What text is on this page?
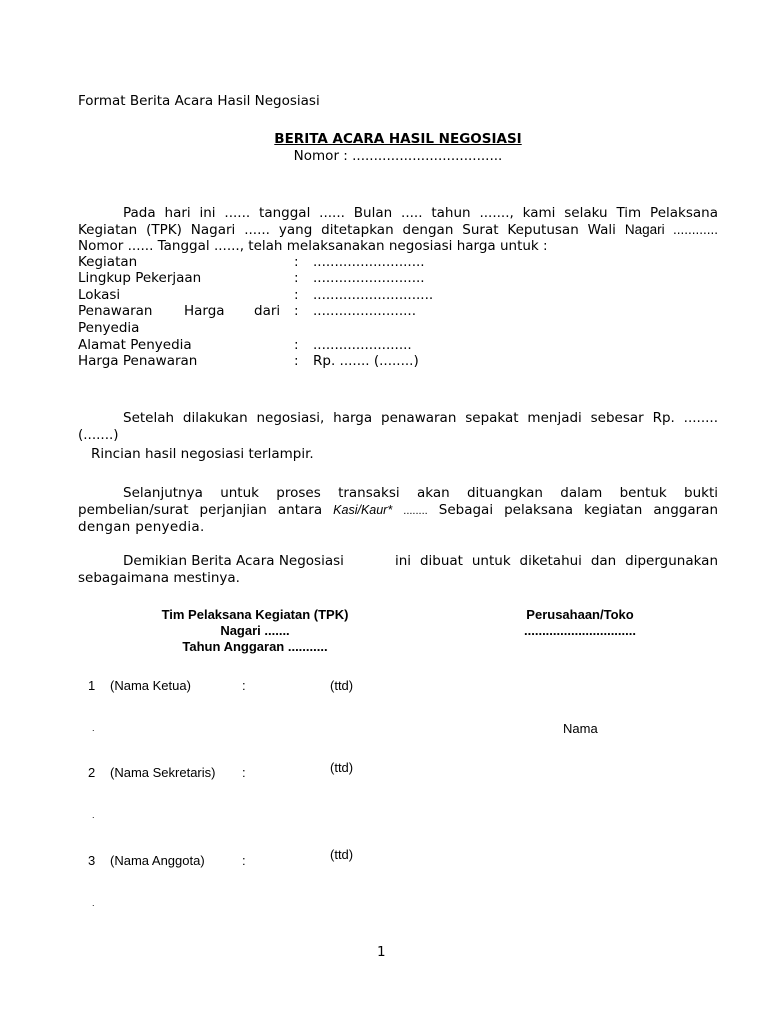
Format Berita Acara Hasil Negosiasi
BERITA ACARA HASIL NEGOSIASI
Nomor : ...................................
Pada hari ini ...... tanggal ...... Bulan ..... tahun ......., kami selaku Tim Pelaksana
Kegiatan (TPK) Nagari ...... yang ditetapkan dengan Surat Keputusan Wali Nagari ............
Nomor ...... Tanggal ......, telah melaksanakan negosiasi harga untuk :
Kegiatan	: ..........................
Lingkup Pekerjaan	: ..........................
Lokasi	: ............................
Penawaran Harga dari : ........................
Penyedia
Alamat Penyedia	: .......................
Harga Penawaran	: Rp. ....... (........)
Setelah dilakukan negosiasi, harga penawaran sepakat menjadi sebesar Rp. ........
(.......)
Rincian hasil negosiasi terlampir.
Selanjutnya untuk proses transaksi akan dituangkan dalam bentuk bukti
pembelian/surat perjanjian antara Kasi/Kaur* ........ Sebagai pelaksana kegiatan anggaran
dengan penyedia.
Demikian Berita Acara Negosiasi	ini dibuat untuk diketahui dan dipergunakan
sebagaimana mestinya.
Tim Pelaksana Kegiatan (TPK)
Nagari .......
Tahun Anggaran ...........
Perusahaan/Toko
...............................
1 (Nama Ketua)	:	(ttd)
.	Nama
2 (Nama Sekretaris) :	(ttd)
.
3 (Nama Anggota)	:	(ttd)
.
1
